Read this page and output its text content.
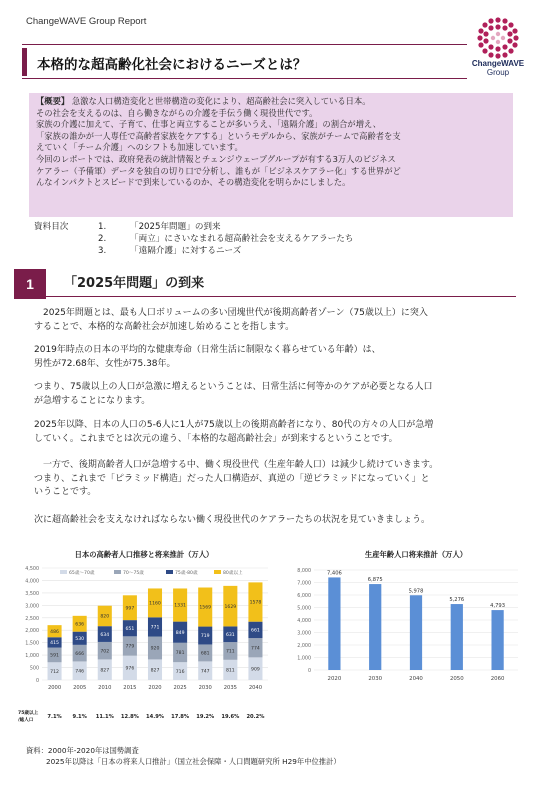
ChangeWAVE Group Report
本格的な超高齢化社会におけるニーズとは？	ChangeWAVE
Group

【概要】 急激な人口構造変化と世帯構造の変化により、超高齢社会に突入している日本。
その社会を支えるのは、自ら働きながらの介護を手伝う働く現役世代です。
家族の介護に加えて、子育て、仕事と両立することが多いうえ、「遠隔介護」の割合が増え、
「家族の誰かが一人専任で高齢者家族をケアする」というモデルから、家族がチームで高齢者を支
えていく「チーム介護」へのシフトも加速しています。
今回のレポートでは、政府発表の統計情報とチェンジウェーブグループが有する3万人のビジネス
ケアラー（予備軍）データを独自の切り口で分析し、誰もが「ビジネスケアラー化」する世界がど
んなインパクトとスピードで到来しているのか、その構造変化を明らかにしました。

資料目次	1.	「2025年問題」の到来
2.	「両立」にさいなまれる超高齢社会を支えるケアラーたち
3.	「遠隔介護」に対するニーズ
1	「2025年問題」の到来
　2025年問題とは、最も人口ボリュームの多い団塊世代が後期高齢者ゾーン（75歳以上）に突入
することで、本格的な高齢社会が加速し始めることを指します。
2019年時点の日本の平均的な健康寿命（日常生活に制限なく暮らせている年齢）は、
男性が72.68年、女性が75.38年。
つまり、75歳以上の人口が急激に増えるということは、日常生活に何等かのケアが必要となる人口
が急増することになります。
2025年以降、日本の人口の5-6人に1人が75歳以上の後期高齢者になり、80代の方々の人口が急増
していく。これまでとは次元の違う、「本格的な超高齢社会」が到来するということです。
　一方で、後期高齢者人口が急増する中、働く現役世代（生産年齢人口）は減少し続けていきます。
つまり、これまで「ピラミッド構造」だった人口構造が、真逆の「逆ピラミッドになっていく」と
いうことです。
次に超高齢社会を支えなければならない働く現役世代のケアラーたちの状況を見ていきましょう。
日本の高齢者人口推移と将来推計（万人）
0
500
1,000
1,500
2,000
2,500
3,000
3,500
4,000
4,500
65歳～70歳	70～75歳	75歳-80歳	80歳以上
712
591
415
486
2000
7.1%
746
666
530
636
2005
9.1%
827
702
634
820
2010
11.1%
976
779
651
997
2015
12.8%
827
920
771
1160
2020
14.9%
716
781
849
1331
2025
17.8%
747
681
719
1569
2030
19.2%
811
711
631
1629
2035
19.6%
909
774
661
1578
2040
20.2%
75歳以上
/総人口
生産年齢人口将来推計（万人）
0
1,000
2,000
3,000
4,000
5,000
6,000
7,000
8,000	7,406
2020
6,875
2030
5,978
2040
5,276
2050
4,793
2060
資料：2000年-2020年は国勢調査
2025年以降は「日本の将来人口推計」（国立社会保障・人口問題研究所 H29年中位推計）
